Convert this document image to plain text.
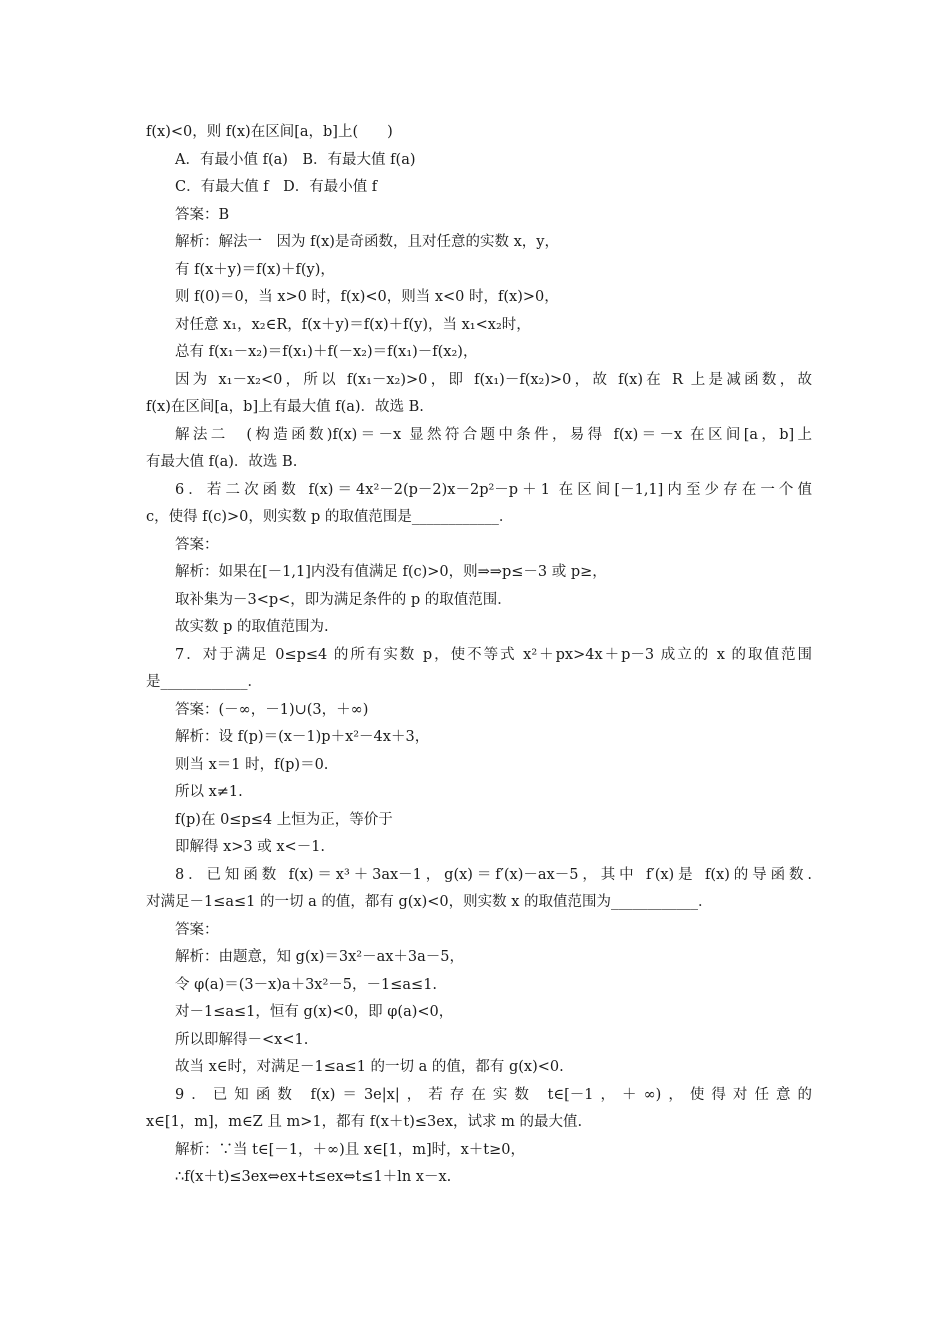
f(x)<0，则 f(x)在区间[a，b]上(　　)
A．有最小值 f(a)　B．有最大值 f(a)
C．有最大值 f　D．有最小值 f
答案：B
解析：解法一　因为 f(x)是奇函数，且对任意的实数 x，y，
有 f(x＋y)＝f(x)＋f(y)，
则 f(0)＝0，当 x>0 时，f(x)<0，则当 x<0 时，f(x)>0，
对任意 x₁，x₂∈R，f(x＋y)＝f(x)＋f(y)，当 x₁<x₂时，
总有 f(x₁－x₂)＝f(x₁)＋f(－x₂)＝f(x₁)－f(x₂)，
因为 x₁－x₂<0，所以 f(x₁－x₂)>0，即 f(x₁)－f(x₂)>0，故 f(x)在 R 上是减函数，故
f(x)在区间[a，b]上有最大值 f(a)．故选 B.
解法二　(构造函数)f(x)＝－x 显然符合题中条件，易得 f(x)＝－x 在区间[a，b]上
有最大值 f(a)．故选 B.
6．若二次函数 f(x)＝4x²－2(p－2)x－2p²－p＋1 在区间[－1,1]内至少存在一个值
c，使得 f(c)>0，则实数 p 的取值范围是____________．
答案：
解析：如果在[－1,1]内没有值满足 f(c)>0，则⇒⇒p≤－3 或 p≥，
取补集为－3<p<，即为满足条件的 p 的取值范围．
故实数 p 的取值范围为.
7．对于满足 0≤p≤4 的所有实数 p，使不等式 x²＋px>4x＋p－3 成立的 x 的取值范围
是____________．
答案：(－∞，－1)∪(3，＋∞)
解析：设 f(p)＝(x－1)p＋x²－4x＋3，
则当 x＝1 时，f(p)＝0.
所以 x≠1.
f(p)在 0≤p≤4 上恒为正，等价于
即解得 x>3 或 x<－1.
8．已知函数 f(x)＝x³＋3ax－1，g(x)＝f′(x)－ax－5，其中 f′(x)是 f(x)的导函数.
对满足－1≤a≤1 的一切 a 的值，都有 g(x)<0，则实数 x 的取值范围为____________．
答案：
解析：由题意，知 g(x)＝3x²－ax＋3a－5，
令 φ(a)＝(3－x)a＋3x²－5，－1≤a≤1.
对－1≤a≤1，恒有 g(x)<0，即 φ(a)<0，
所以即解得－<x<1.
故当 x∈时，对满足－1≤a≤1 的一切 a 的值，都有 g(x)<0.
9．已知函数 f(x)＝3e|x|，若存在实数 t∈[－1，＋∞)，使得对任意的
x∈[1，m]，m∈Z 且 m>1，都有 f(x＋t)≤3ex，试求 m 的最大值.
解析：∵当 t∈[－1，＋∞)且 x∈[1，m]时，x＋t≥0，
∴f(x＋t)≤3ex⇔ex+t≤ex⇔t≤1＋ln x－x.
